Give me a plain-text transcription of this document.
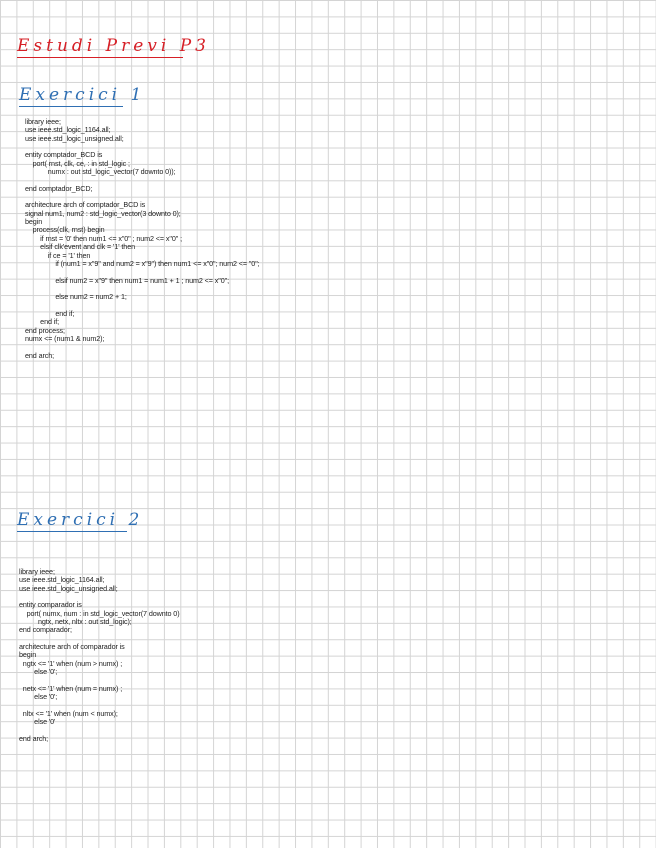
Estudi Previ P3
Exercici 1
library ieee;
use ieee.std_logic_1164.all;
use ieee.std_logic_unsigned.all;

entity comptador_BCD is
port( rnst, clk, ce, : in std_logic ;
numx : out std_logic_vector(7 downto 0));

end comptador_BCD;

architecture arch of comptador_BCD is
signal num1, num2 : std_logic_vector(3 downto 0);
begin
process(clk, rnst) begin
if rnst = '0' then num1 <= x"0" ; num2 <= x"0" ;
elsif clk'event and clk = '1' then
if ce = '1' then
if (num1 = x"9" and num2 = x"9") then num1 <= x"0"; num2 <= "0";

elsif num2 = x"9" then num1 = num1 + 1 ; num2 <= x"0";

else num2 = num2 + 1;

end if;
end if;
end process;
numx <= (num1 & num2);

end arch;
Exercici 2
library ieee;
use ieee.std_logic_1164.all;
use ieee.std_logic_unsigned.all;

entity comparador is
port( numx, num : in std_logic_vector(7 downto 0)
ngtx, netx, nltx : out std_logic);
end comparador;

architecture arch of comparador is
begin
ngtx <= '1' when (num > numx) ;
else '0';

netx <= '1' when (num = numx) ;
else '0';

nltx <= '1' when (num < numx);
else '0'

end arch;
